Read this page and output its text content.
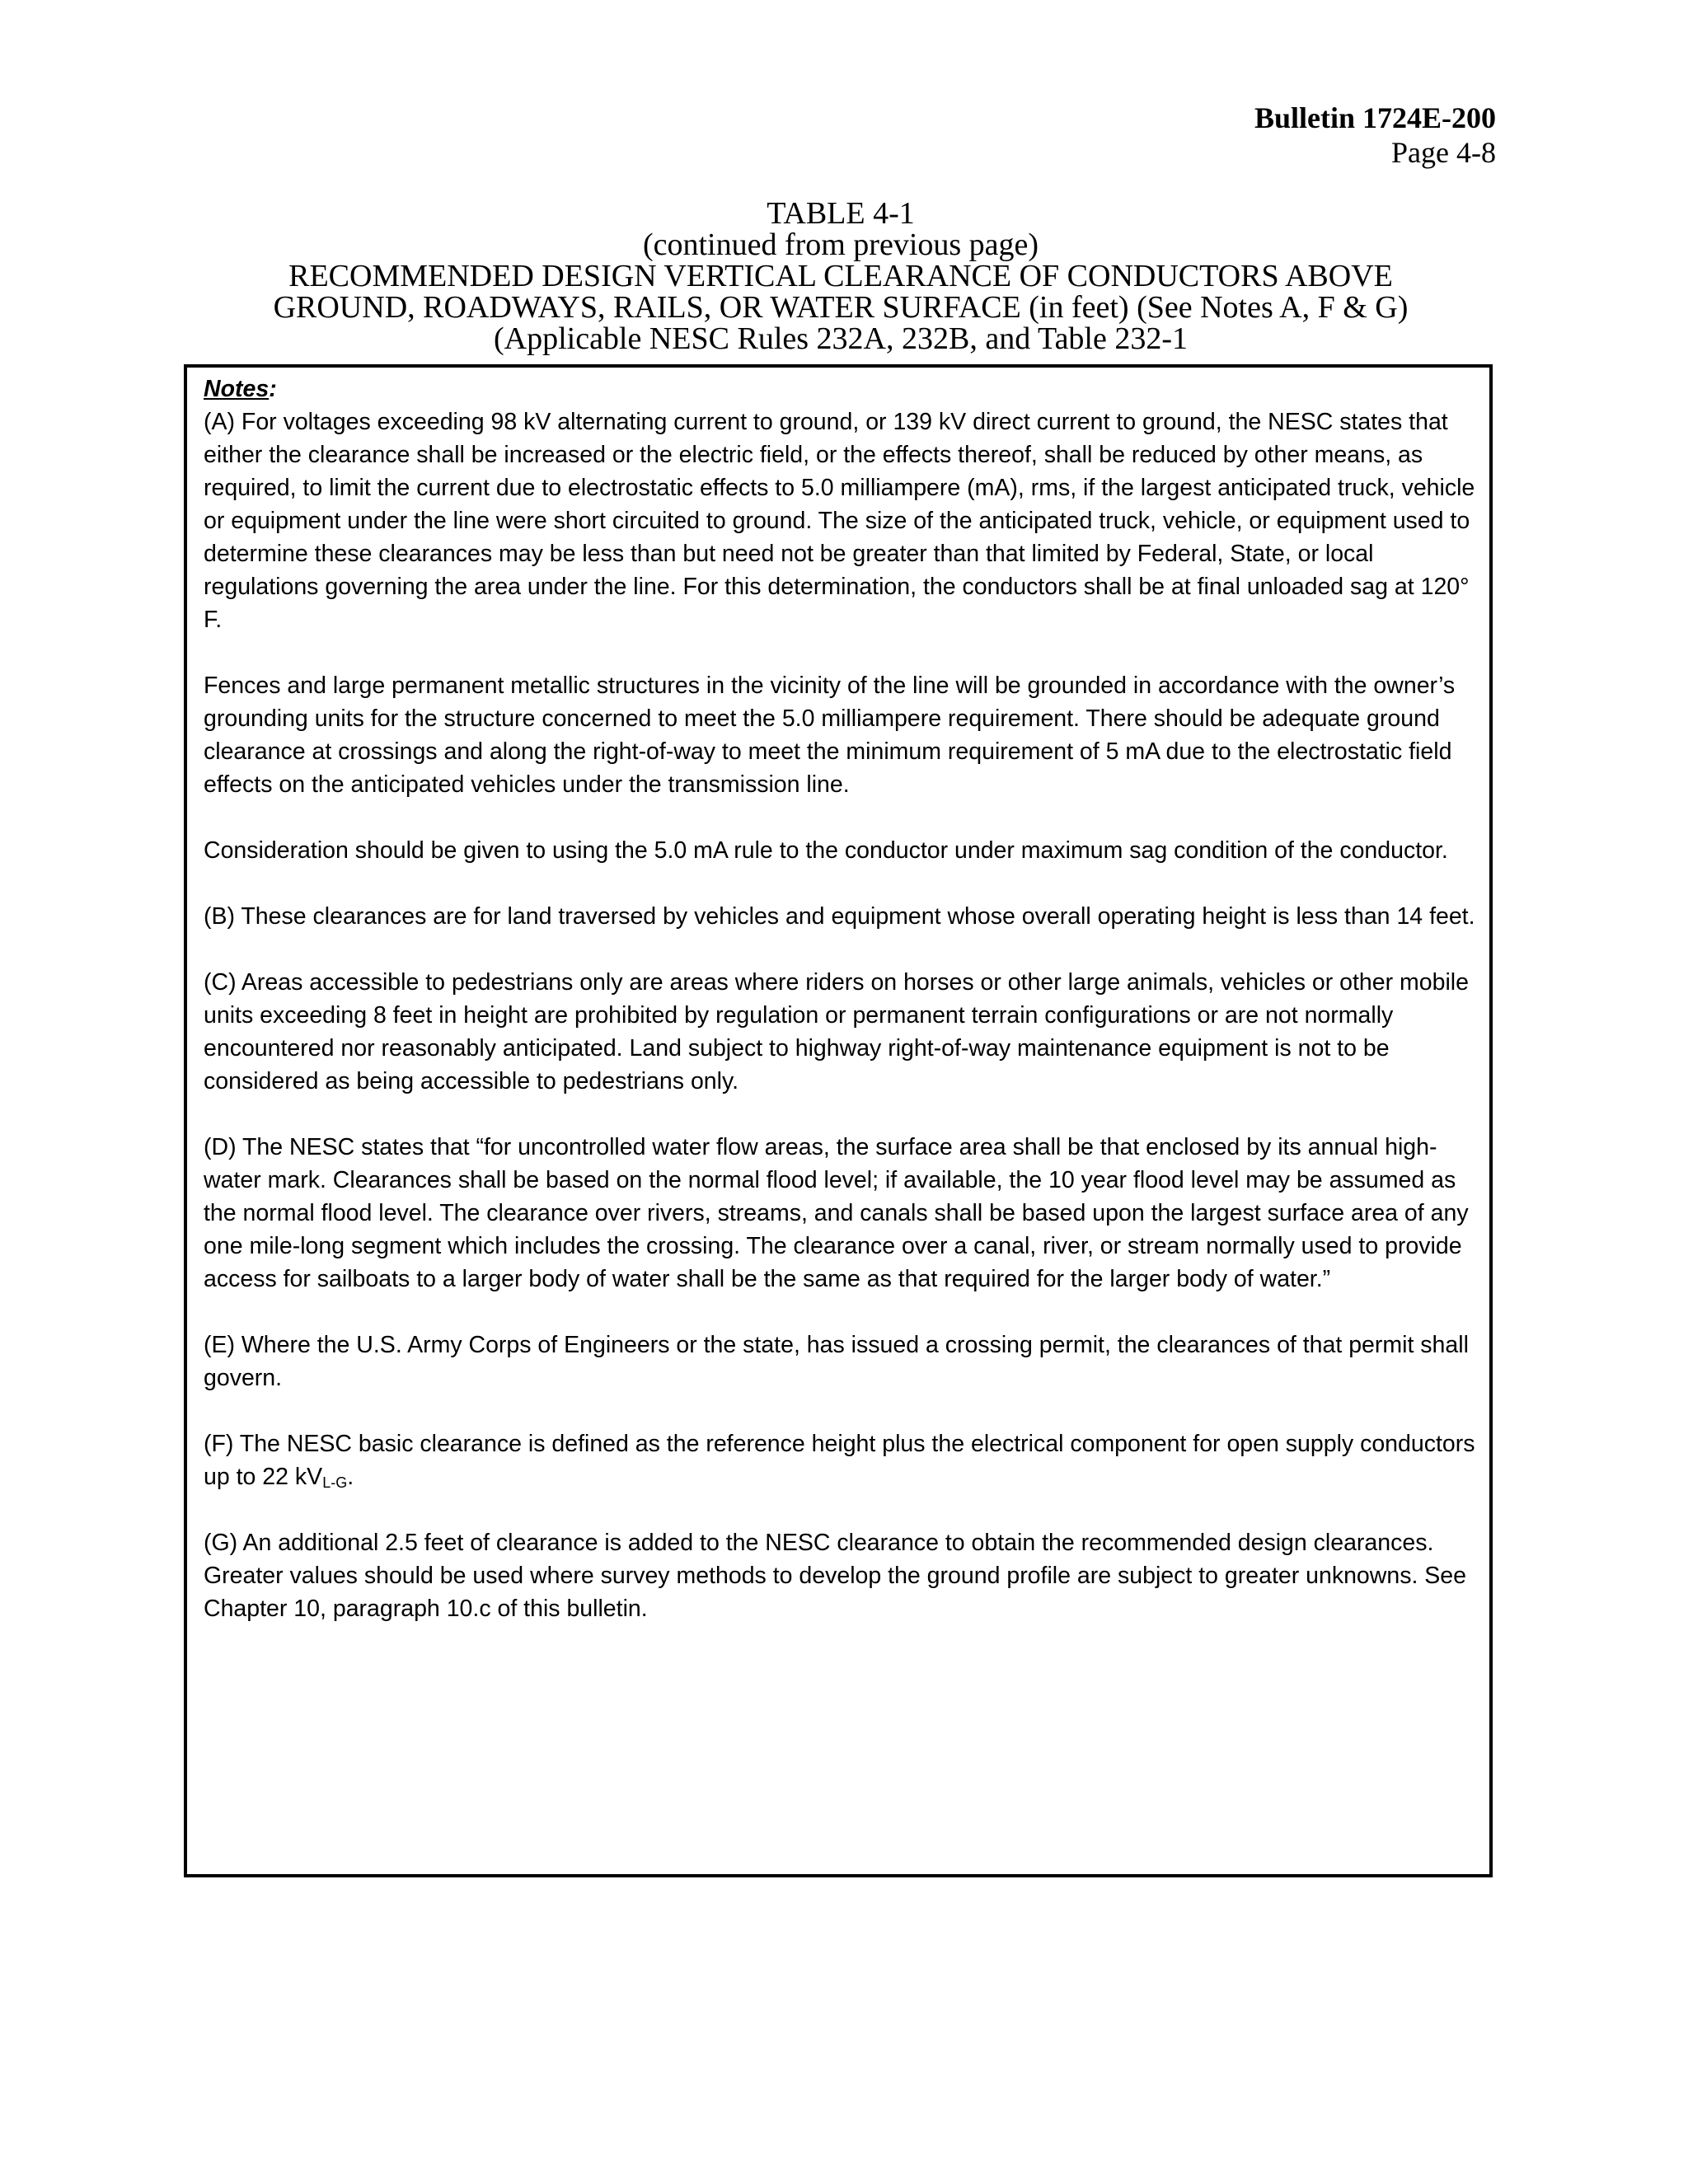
Bulletin 1724E-200
Page 4-8
TABLE 4-1
(continued from previous page)
RECOMMENDED DESIGN VERTICAL CLEARANCE OF CONDUCTORS ABOVE
GROUND, ROADWAYS, RAILS, OR WATER SURFACE (in feet) (See Notes A, F & G)
(Applicable NESC Rules 232A, 232B, and Table 232-1

Notes:

(A) For voltages exceeding 98 kV alternating current to ground, or 139 kV direct current to ground, the NESC states that either the clearance shall be increased or the electric field, or the effects thereof, shall be reduced by other means, as required, to limit the current due to electrostatic effects to 5.0 milliampere (mA), rms, if the largest anticipated truck, vehicle or equipment under the line were short circuited to ground. The size of the anticipated truck, vehicle, or equipment used to determine these clearances may be less than but need not be greater than that limited by Federal, State, or local regulations governing the area under the line. For this determination, the conductors shall be at final unloaded sag at 120° F.

Fences and large permanent metallic structures in the vicinity of the line will be grounded in accordance with the owner’s grounding units for the structure concerned to meet the 5.0 milliampere requirement. There should be adequate ground clearance at crossings and along the right-of-way to meet the minimum requirement of 5 mA due to the electrostatic field effects on the anticipated vehicles under the transmission line.

Consideration should be given to using the 5.0 mA rule to the conductor under maximum sag condition of the conductor.

(B) These clearances are for land traversed by vehicles and equipment whose overall operating height is less than 14 feet.

(C) Areas accessible to pedestrians only are areas where riders on horses or other large animals, vehicles or other mobile units exceeding 8 feet in height are prohibited by regulation or permanent terrain configurations or are not normally encountered nor reasonably anticipated. Land subject to highway right-of-way maintenance equipment is not to be considered as being accessible to pedestrians only.

(D) The NESC states that “for uncontrolled water flow areas, the surface area shall be that enclosed by its annual high-water mark. Clearances shall be based on the normal flood level; if available, the 10 year flood level may be assumed as the normal flood level. The clearance over rivers, streams, and canals shall be based upon the largest surface area of any one mile-long segment which includes the crossing. The clearance over a canal, river, or stream normally used to provide access for sailboats to a larger body of water shall be the same as that required for the larger body of water.”

(E) Where the U.S. Army Corps of Engineers or the state, has issued a crossing permit, the clearances of that permit shall govern.

(F) The NESC basic clearance is defined as the reference height plus the electrical component for open supply conductors up to 22 $kV_{L-G}$.

(G) An additional 2.5 feet of clearance is added to the NESC clearance to obtain the recommended design clearances. Greater values should be used where survey methods to develop the ground profile are subject to greater unknowns. See Chapter 10, paragraph 10.c of this bulletin.
